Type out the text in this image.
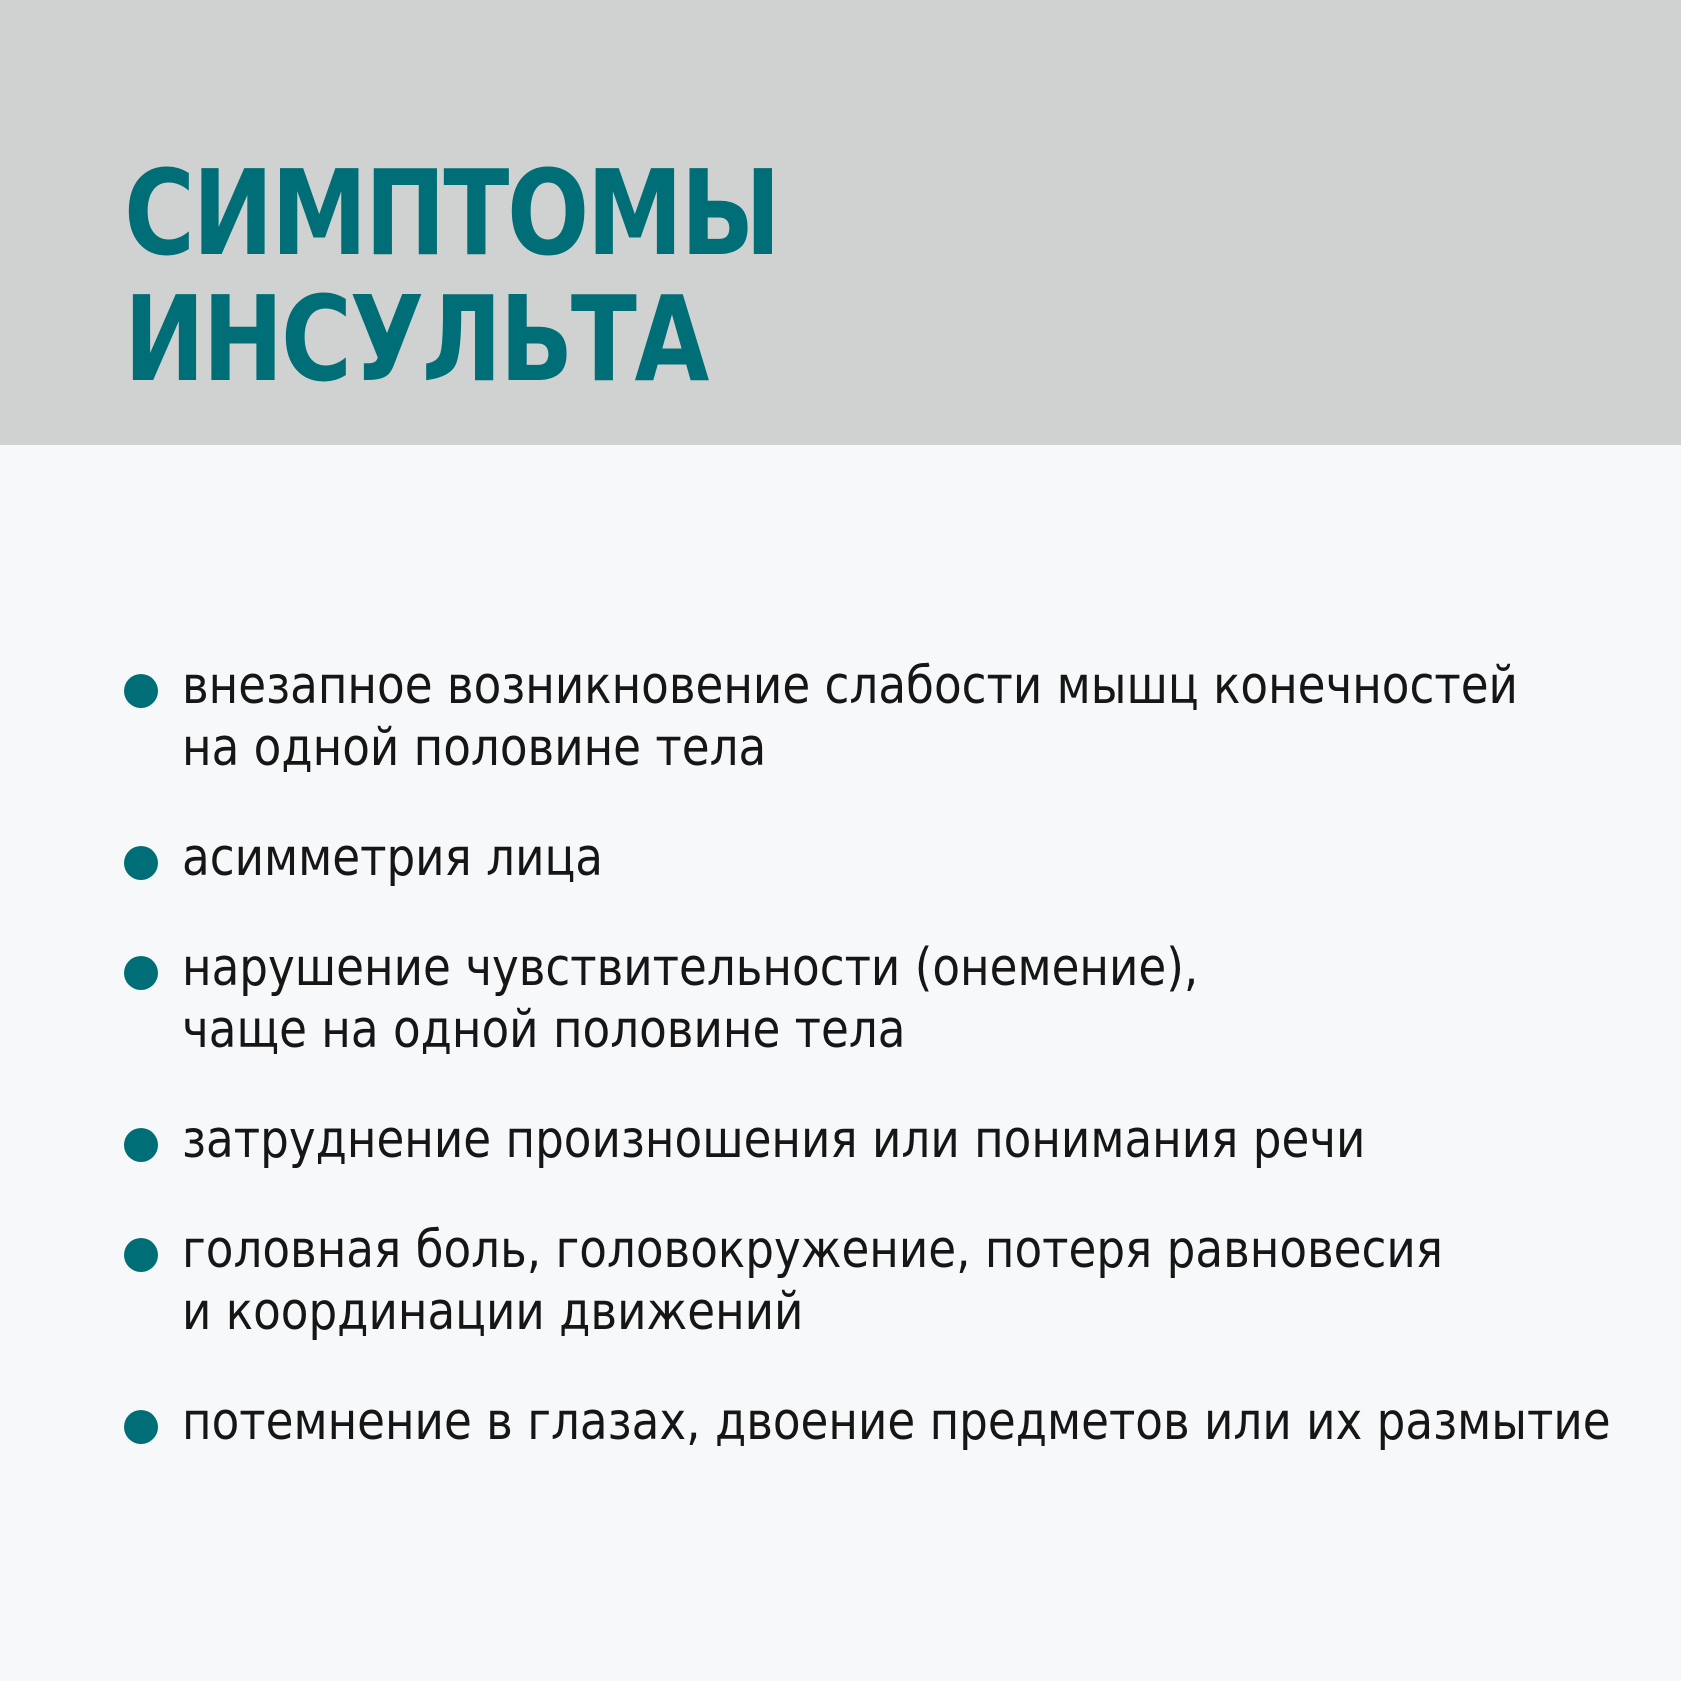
СИМПТОМЫ
ИНСУЛЬТА
внезапное возникновение слабости мышц конечностей
на одной половине тела
асимметрия лица
нарушение чувствительности (онемение),
чаще на одной половине тела
затруднение произношения или понимания речи
головная боль, головокружение, потеря равновесия
и координации движений
потемнение в глазах, двоение предметов или их размытие
